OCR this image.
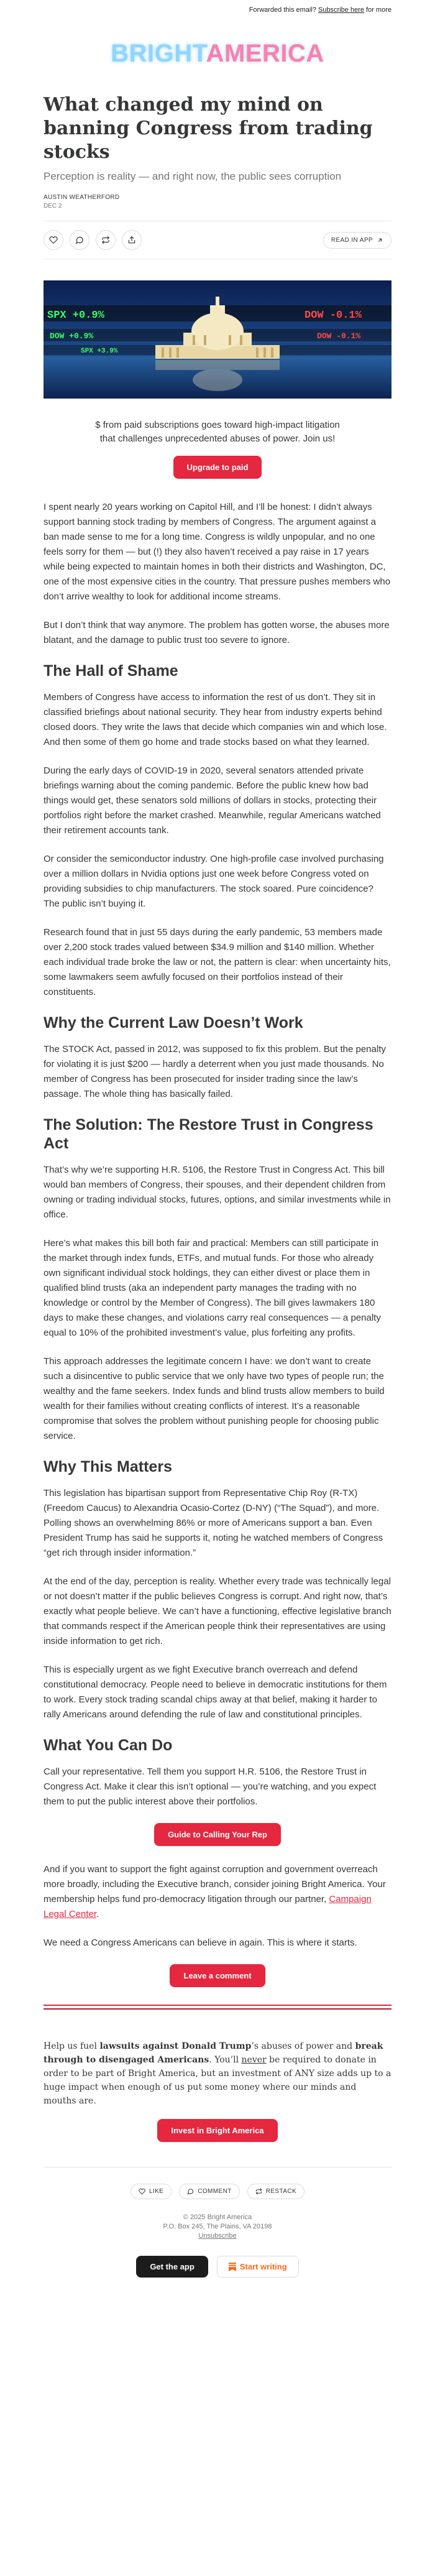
Forwarded this email? Subscribe here for more
BRIGHTAMERICA
What changed my mind on banning Congress from trading stocks
Perception is reality — and right now, the public sees corruption
AUSTIN WEATHERFORD
DEC 2
READ IN APP
SPX +0.9%	DOW -0.1%
DOW +0.9%	DOW -0.1%
SPX +3.9%

$ from paid subscriptions goes toward high-impact litigation that challenges unprecedented abuses of power. Join us!

Upgrade to paid

I spent nearly 20 years working on Capitol Hill, and I’ll be honest: I didn’t always support banning stock trading by members of Congress. The argument against a ban made sense to me for a long time. Congress is wildly unpopular, and no one feels sorry for them — but (!) they also haven’t received a pay raise in 17 years while being expected to maintain homes in both their districts and Washington, DC, one of the most expensive cities in the country. That pressure pushes members who don’t arrive wealthy to look for additional income streams.

But I don’t think that way anymore. The problem has gotten worse, the abuses more blatant, and the damage to public trust too severe to ignore.

The Hall of Shame

Members of Congress have access to information the rest of us don’t. They sit in classified briefings about national security. They hear from industry experts behind closed doors. They write the laws that decide which companies win and which lose. And then some of them go home and trade stocks based on what they learned.

During the early days of COVID-19 in 2020, several senators attended private briefings warning about the coming pandemic. Before the public knew how bad things would get, these senators sold millions of dollars in stocks, protecting their portfolios right before the market crashed. Meanwhile, regular Americans watched their retirement accounts tank.

Or consider the semiconductor industry. One high-profile case involved purchasing over a million dollars in Nvidia options just one week before Congress voted on providing subsidies to chip manufacturers. The stock soared. Pure coincidence? The public isn’t buying it.

Research found that in just 55 days during the early pandemic, 53 members made over 2,200 stock trades valued between $34.9 million and $140 million. Whether each individual trade broke the law or not, the pattern is clear: when uncertainty hits, some lawmakers seem awfully focused on their portfolios instead of their constituents.

Why the Current Law Doesn’t Work

The STOCK Act, passed in 2012, was supposed to fix this problem. But the penalty for violating it is just $200 — hardly a deterrent when you just made thousands. No member of Congress has been prosecuted for insider trading since the law’s passage. The whole thing has basically failed.

The Solution: The Restore Trust in Congress Act

That’s why we’re supporting H.R. 5106, the Restore Trust in Congress Act. This bill would ban members of Congress, their spouses, and their dependent children from owning or trading individual stocks, futures, options, and similar investments while in office.

Here’s what makes this bill both fair and practical: Members can still participate in the market through index funds, ETFs, and mutual funds. For those who already own significant individual stock holdings, they can either divest or place them in qualified blind trusts (aka an independent party manages the trading with no knowledge or control by the Member of Congress). The bill gives lawmakers 180 days to make these changes, and violations carry real consequences — a penalty equal to 10% of the prohibited investment’s value, plus forfeiting any profits.

This approach addresses the legitimate concern I have: we don’t want to create such a disincentive to public service that we only have two types of people run; the wealthy and the fame seekers. Index funds and blind trusts allow members to build wealth for their families without creating conflicts of interest. It’s a reasonable compromise that solves the problem without punishing people for choosing public service.

Why This Matters

This legislation has bipartisan support from Representative Chip Roy (R-TX) (Freedom Caucus) to Alexandria Ocasio-Cortez (D-NY) (“The Squad”), and more. Polling shows an overwhelming 86% or more of Americans support a ban. Even President Trump has said he supports it, noting he watched members of Congress “get rich through insider information.”

At the end of the day, perception is reality. Whether every trade was technically legal or not doesn’t matter if the public believes Congress is corrupt. And right now, that’s exactly what people believe. We can’t have a functioning, effective legislative branch that commands respect if the American people think their representatives are using inside information to get rich.

This is especially urgent as we fight Executive branch overreach and defend constitutional democracy. People need to believe in democratic institutions for them to work. Every stock trading scandal chips away at that belief, making it harder to rally Americans around defending the rule of law and constitutional principles.

What You Can Do

Call your representative. Tell them you support H.R. 5106, the Restore Trust in Congress Act. Make it clear this isn’t optional — you’re watching, and you expect them to put the public interest above their portfolios.

Guide to Calling Your Rep

And if you want to support the fight against corruption and government overreach more broadly, including the Executive branch, consider joining Bright America. Your membership helps fund pro-democracy litigation through our partner, Campaign Legal Center.

We need a Congress Americans can believe in again. This is where it starts.

Leave a comment

Help us fuel lawsuits against Donald Trump’s abuses of power and break through to disengaged Americans. You’ll never be required to donate in order to be part of Bright America, but an investment of ANY size adds up to a huge impact when enough of us put some money where our minds and mouths are.

Invest in Bright America
LIKE	COMMENT	RESTACK
© 2025 Bright America
P.O. Box 245, The Plains, VA 20198
Unsubscribe
Get the app	Start writing
